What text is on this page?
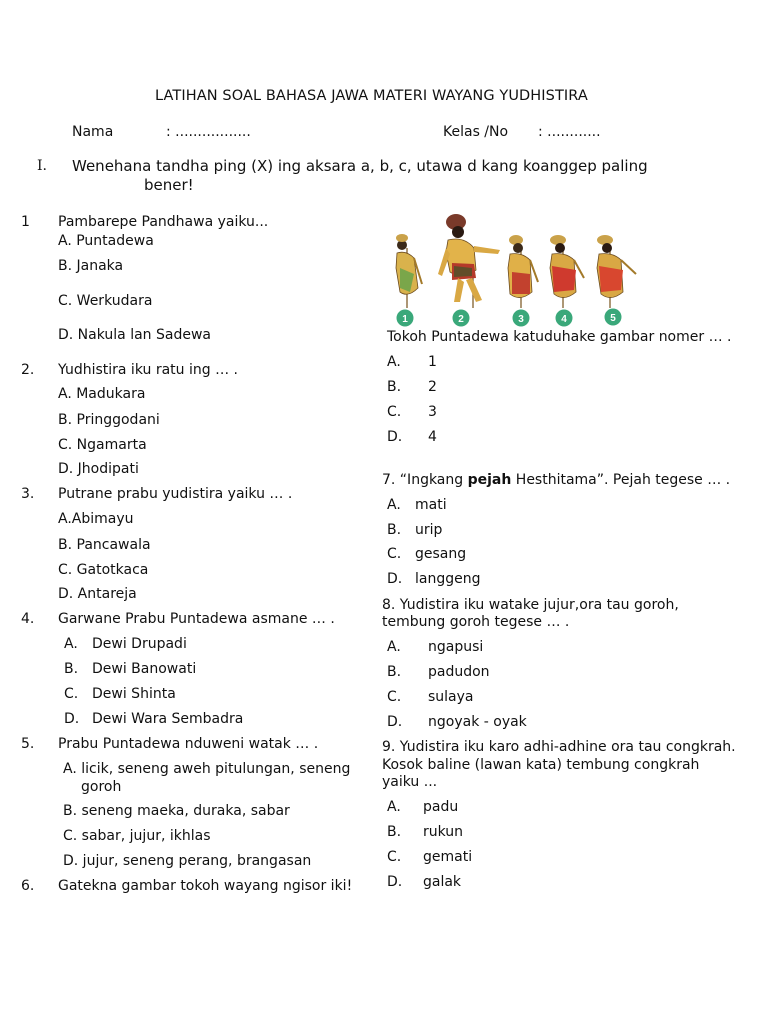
LATIHAN SOAL BAHASA JAWA MATERI WAYANG YUDHISTIRA
Nama	: .................	Kelas /No : ............
I. Wenehana tandha ping (X) ing aksara a, b, c, utawa d kang koanggep paling
bener!
1 Pambarepe Pandhawa yaiku...
A. Puntadewa
B. Janaka
C. Werkudara
D. Nakula lan Sadewa
2. Yudhistira iku ratu ing … .
A. Madukara
B. Pringgodani
C. Ngamarta
D. Jhodipati
3. Putrane prabu yudistira yaiku … .
A.Abimayu
B. Pancawala
C. Gatotkaca
D. Antareja
4. Garwane Prabu Puntadewa asmane … .
A. Dewi Drupadi
B. Dewi Banowati
C. Dewi Shinta
D. Dewi Wara Sembadra
5. Prabu Puntadewa nduweni watak … .
A. licik, seneng aweh pitulungan, seneng
goroh
B. seneng maeka, duraka, sabar
C. sabar, jujur, ikhlas
D. jujur, seneng perang, brangasan
6. Gatekna gambar tokoh wayang ngisor iki!
1	2	3	4	5
Tokoh Puntadewa katuduhake gambar nomer … .
A. 1
B. 2
C. 3
D. 4
7. “Ingkang pejah Hesthitama”. Pejah tegese … .
A. mati
B. urip
C. gesang
D. langgeng
8. Yudistira iku watake jujur,ora tau goroh,
tembung goroh tegese … .
A. ngapusi
B. padudon
C. sulaya
D. ngoyak - oyak
9. Yudistira iku karo adhi-adhine ora tau congkrah.
Kosok baline (lawan kata) tembung congkrah
yaiku ...
A. padu
B. rukun
C. gemati
D. galak
